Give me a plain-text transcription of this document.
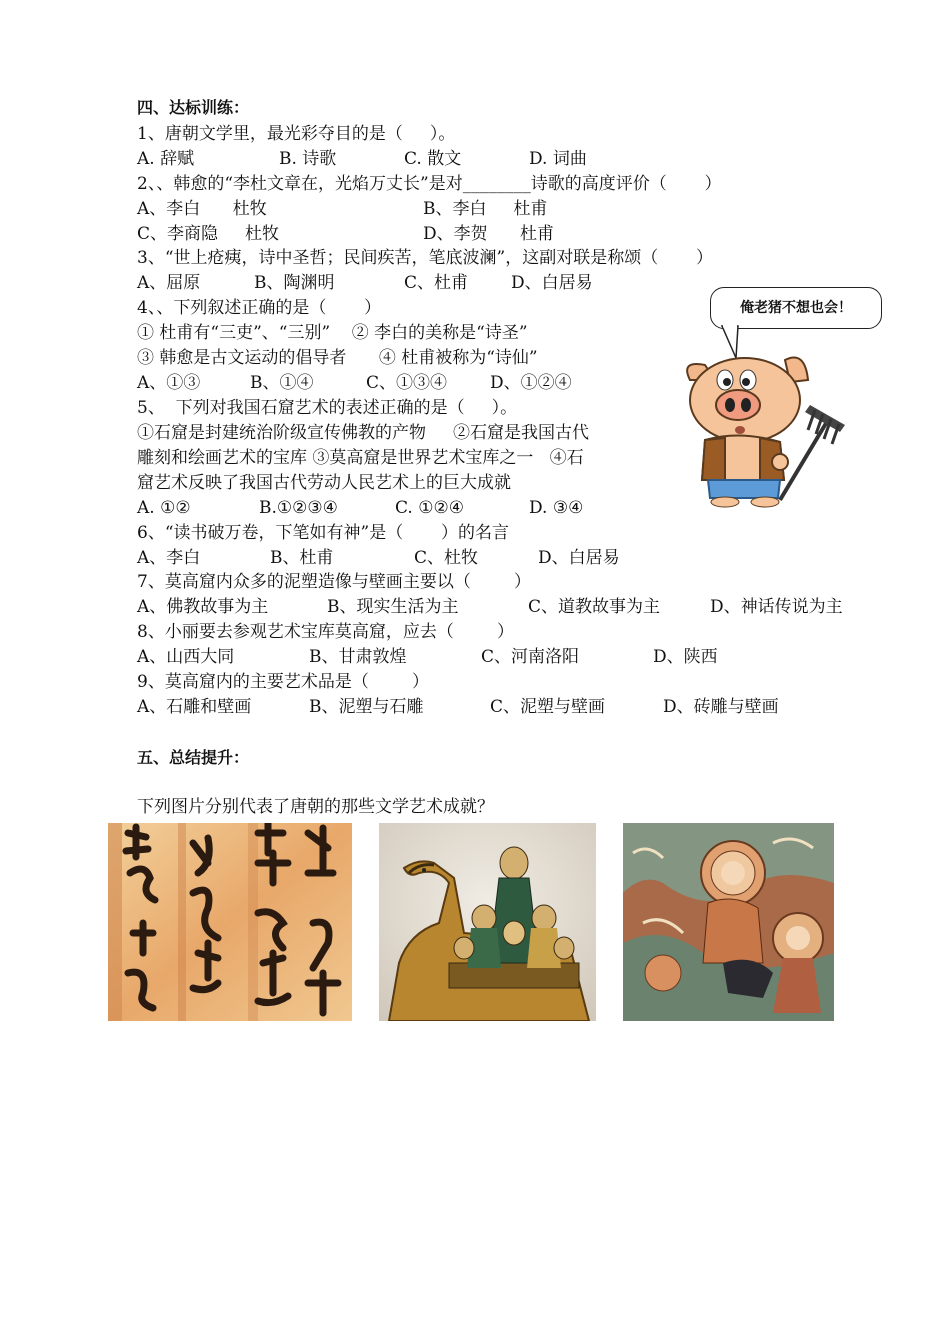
四、达标训练：
1、唐朝文学里，最光彩夺目的是（     ）。
A. 辞赋	B. 诗歌	C. 散文	D. 词曲
2、、韩愈的“李杜文章在，光焰万丈长”是对________诗歌的高度评价（       ）
A、李白      杜牧	B、李白     杜甫
C、李商隐     杜牧	D、李贺      杜甫
3、“世上疮痍，诗中圣哲；民间疾苦，笔底波澜”，这副对联是称颂（       ）
A、屈原	B、陶渊明	C、杜甫	D、白居易
4、、下列叙述正确的是（       ）
① 杜甫有“三吏”、“三别”    ② 李白的美称是“诗圣”
③ 韩愈是古文运动的倡导者      ④ 杜甫被称为“诗仙”
A、①③	B、①④	C、①③④	D、①②④
5、  下列对我国石窟艺术的表述正确的是（     ）。
①石窟是封建统治阶级宣传佛教的产物     ②石窟是我国古代
雕刻和绘画艺术的宝库 ③莫高窟是世界艺术宝库之一   ④石
窟艺术反映了我国古代劳动人民艺术上的巨大成就
A. ①②	B.①②③④	C. ①②④	D. ③④
6、“读书破万卷，下笔如有神”是（       ）的名言
A、李白	B、杜甫	C、杜牧	D、白居易
7、莫高窟内众多的泥塑造像与壁画主要以（        ）
A、佛教故事为主	B、现实生活为主	C、道教故事为主	D、神话传说为主
8、小丽要去参观艺术宝库莫高窟，应去（        ）
A、山西大同	B、甘肃敦煌	C、河南洛阳	D、陕西
9、莫高窟内的主要艺术品是（        ）
A、石雕和壁画	B、泥塑与石雕	C、泥塑与壁画	D、砖雕与壁画
五、总结提升：
下列图片分别代表了唐朝的那些文学艺术成就？
俺老猪不想也会！
